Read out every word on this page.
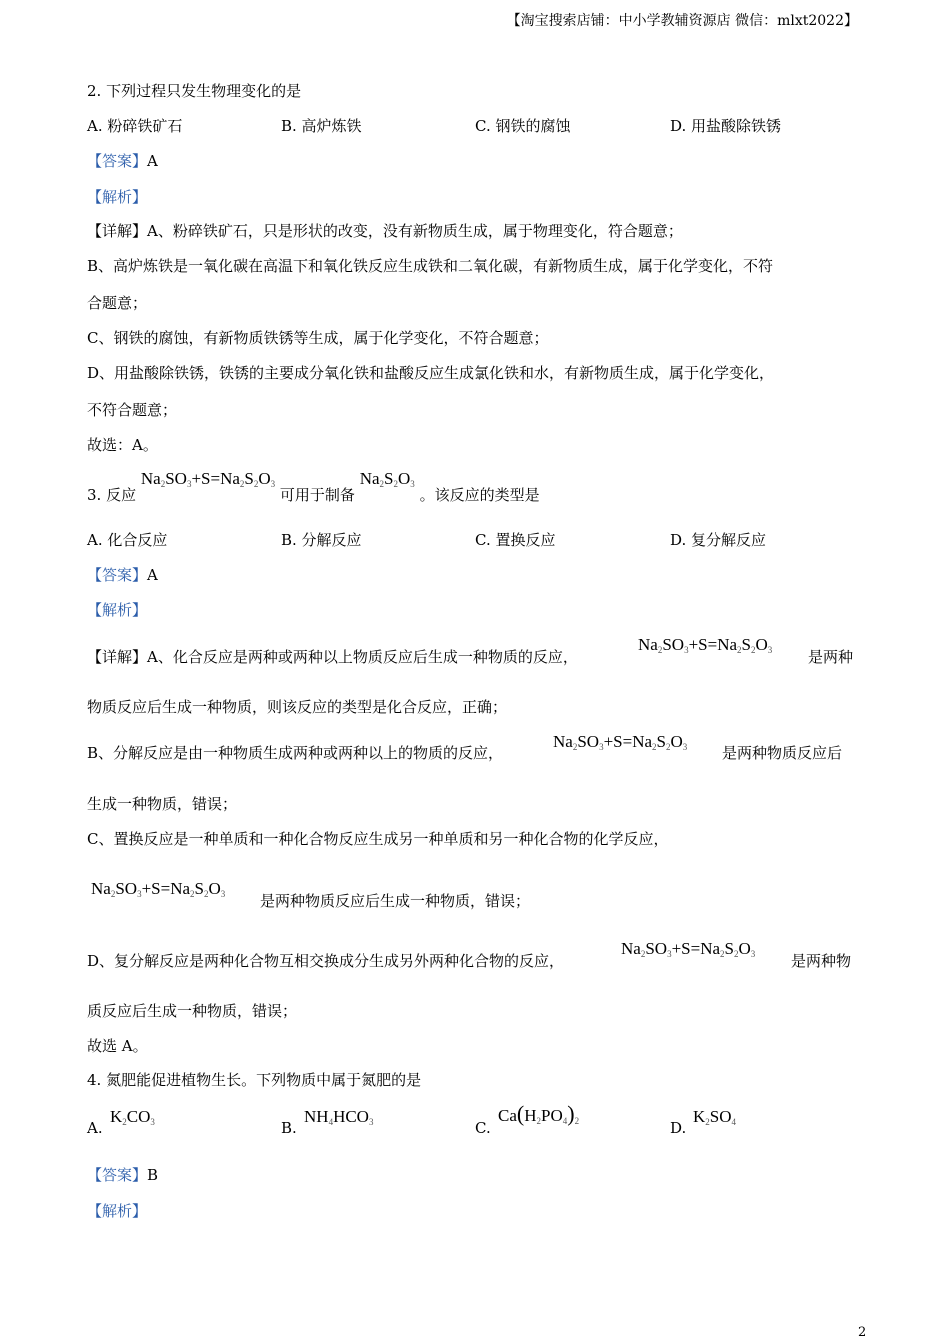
【淘宝搜索店铺：中小学教辅资源店 微信：mlxt2022】
2. 下列过程只发生物理变化的是
A. 粉碎铁矿石	B. 高炉炼铁	C. 钢铁的腐蚀	D. 用盐酸除铁锈
【答案】A
【解析】
【详解】A、粉碎铁矿石，只是形状的改变，没有新物质生成，属于物理变化，符合题意；
B、高炉炼铁是一氧化碳在高温下和氧化铁反应生成铁和二氧化碳，有新物质生成，属于化学变化，不符
合题意；
C、钢铁的腐蚀，有新物质铁锈等生成，属于化学变化，不符合题意；
D、用盐酸除铁锈，铁锈的主要成分氧化铁和盐酸反应生成氯化铁和水，有新物质生成，属于化学变化，
不符合题意；
故选：A。
3. 反应 $Na_2SO_3+S=Na_2S_2O_3$ 可用于制备 $Na_2S_2O_3$ 。该反应的类型是
A. 化合反应	B. 分解反应	C. 置换反应	D. 复分解反应
【答案】A
【解析】
【详解】A、化合反应是两种或两种以上物质反应后生成一种物质的反应，
$Na_2SO_3+S=Na_2S_2O_3$ 是两种
物质反应后生成一种物质，则该反应的类型是化合反应，正确；
B、分解反应是由一种物质生成两种或两种以上的物质的反应，
$Na_2SO_3+S=Na_2S_2O_3$ 是两种物质反应后
生成一种物质，错误；
C、置换反应是一种单质和一种化合物反应生成另一种单质和另一种化合物的化学反应，
$Na_2SO_3+S=Na_2S_2O_3$ 是两种物质反应后生成一种物质，错误；
D、复分解反应是两种化合物互相交换成分生成另外两种化合物的反应，
$Na_2SO_3+S=Na_2S_2O_3$ 是两种物
质反应后生成一种物质，错误；
故选 A。
4. 氮肥能促进植物生长。下列物质中属于氮肥的是
A.
$K_2CO_3$	B.
$NH_4HCO_3$	C.
$Ca(H_2PO_4)_2$	D.
$K_2SO_4$
【答案】B
【解析】
2
